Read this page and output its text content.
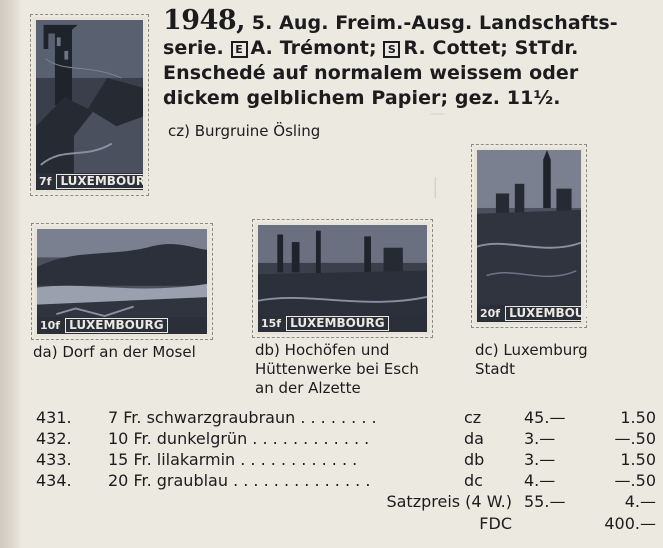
—
│
7f LUXEMBOURG
10f LUXEMBOURG	15f LUXEMBOURG
20f LUXEMBOURG
1948, 5. Aug. Freim.-Ausg. Landschafts-
serie. E A. Trémont; S R. Cottet; StTdr.
Enschedé auf normalem weissem oder
dickem gelblichem Papier; gez. 11½.
cz) Burgruine Ösling
da) Dorf an der Mosel	db) Hochöfen und
Hüttenwerke bei Esch
an der Alzette
dc) Luxemburg
Stadt
431. 7 Fr. schwarzgraubraun . . . . . . . .	cz	45.—	1.50
432. 10 Fr. dunkelgrün . . . . . . . . . . . .	da	3.—	—.50
433. 15 Fr. lilakarmin . . . . . . . . . . . .	db 3.—	1.50
434. 20 Fr. graublau . . . . . . . . . . . . . .	dc	4.—	—.50
Satzpreis (4 W.) 55.—	4.—
FDC	400.—
